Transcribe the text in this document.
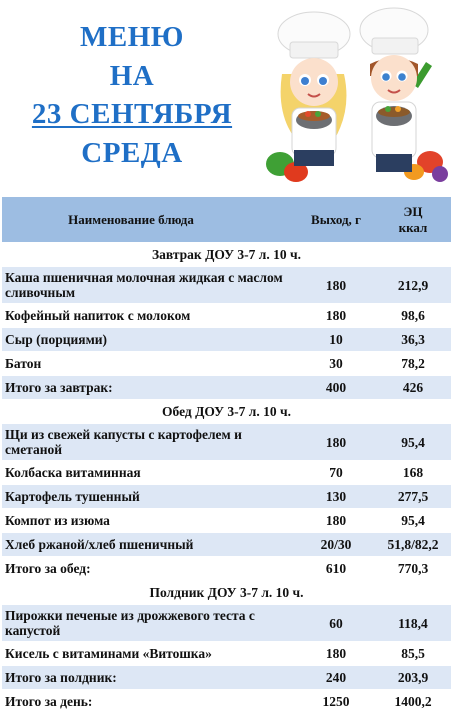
МЕНЮ
НА
23 СЕНТЯБРЯ
СРЕДА
Наименование блюда	Выход, г	ЭЦ
ккал
Завтрак ДОУ 3-7 л. 10 ч.		
Каша пшеничная молочная жидкая с маслом сливочным	180	212,9
Кофейный напиток с молоком	180	98,6
Сыр (порциями)	10	36,3
Батон	30	78,2
Итого за завтрак:	400	426
Обед ДОУ 3-7 л. 10 ч.		
Щи из свежей капусты с картофелем и сметаной	180	95,4
Колбаска витаминная	70	168
Картофель тушенный	130	277,5
Компот из изюма	180	95,4
Хлеб ржаной/хлеб пшеничный	20/30	51,8/82,2
Итого за обед:	610	770,3
Полдник ДОУ 3-7 л. 10 ч.		
Пирожки печеные из дрожжевого теста с капустой	60	118,4
Кисель с витаминами «Витошка»	180	85,5
Итого за полдник:	240	203,9
Итого за день:	1250	1400,2
